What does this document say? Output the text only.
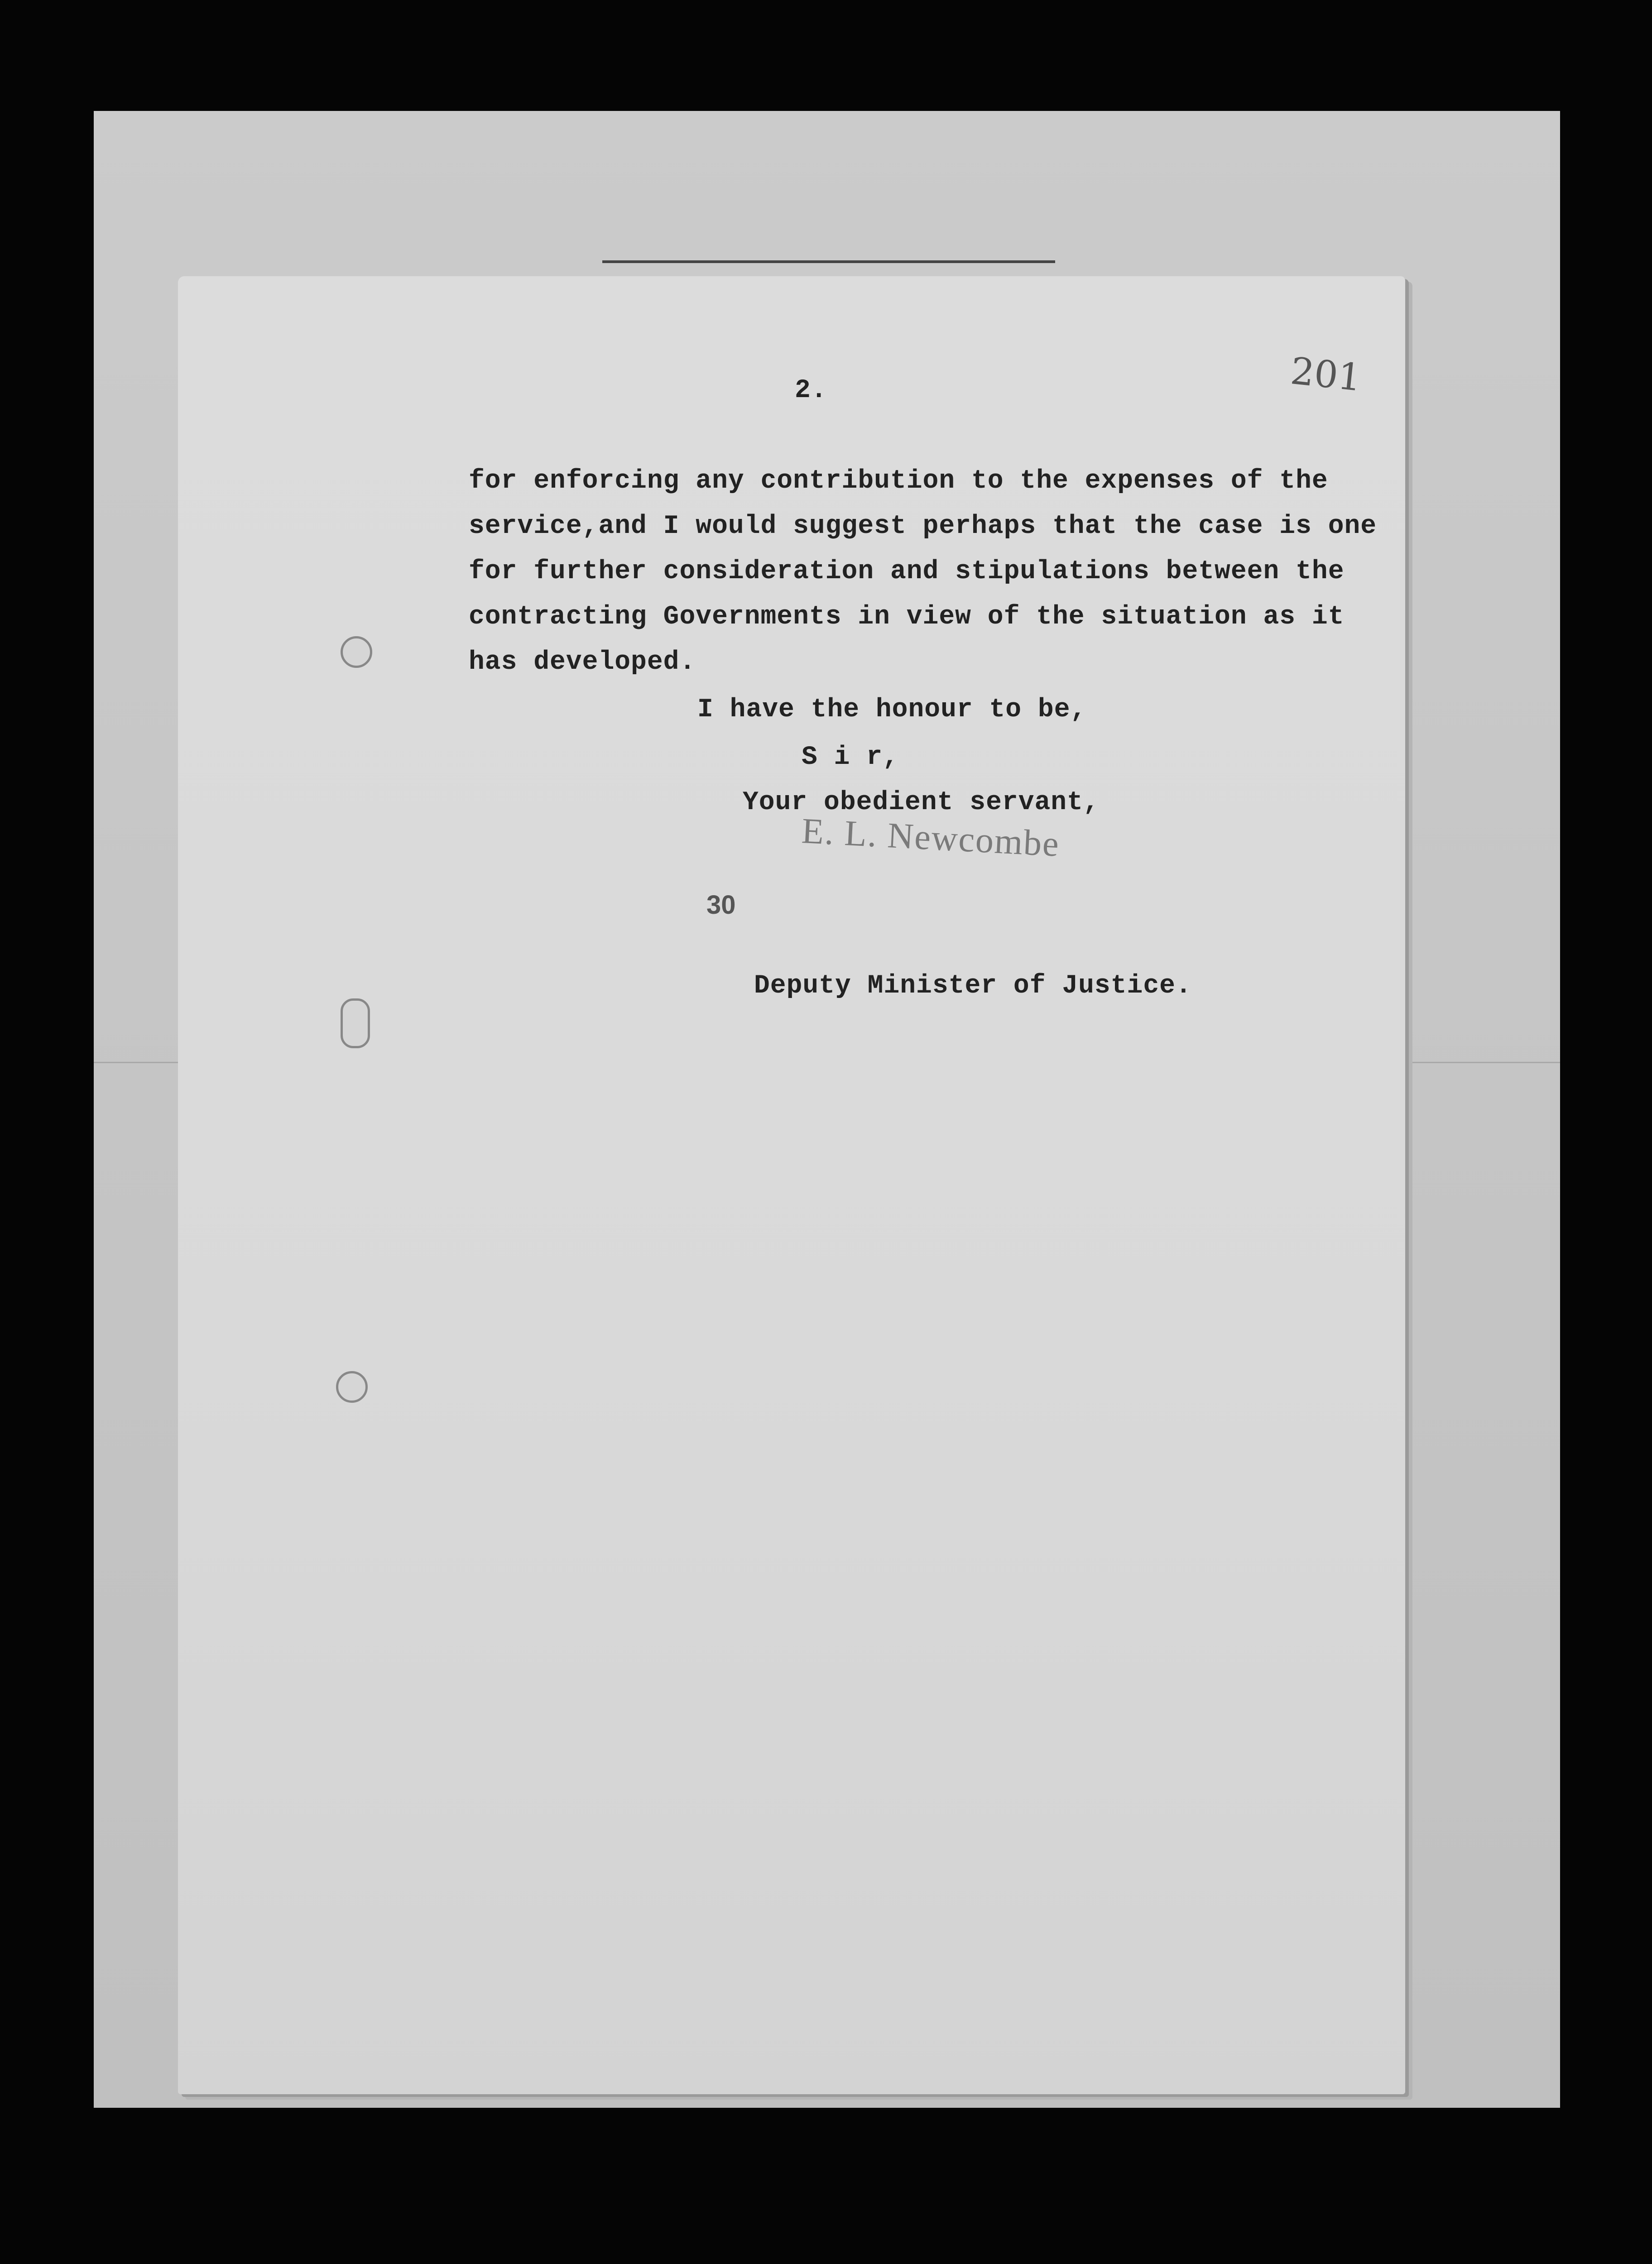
2.	201
for enforcing any contribution to the expenses of the
service,and I would suggest perhaps that the case is one
for further consideration and stipulations between the
contracting Governments in view of the situation as it
has developed.
I have the honour to be,
S i r,
Your obedient servant,
E. L. Newcombe
30
Deputy Minister of Justice.
